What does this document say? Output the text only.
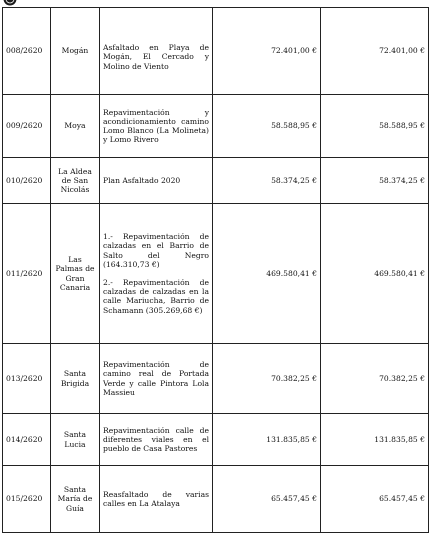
008/2620	Mogán	Asfaltado en Playa de Mogán, El Cercado y Molino de Viento	72.401,00 €	72.401,00 €
009/2620	Moya	Repavimentación y acondicionamiento camino Lomo Blanco (La Molineta) y Lomo Rivero	58.588,95 €	58.588,95 €
010/2620	La Aldea de San Nicolás	Plan Asfaltado 2020	58.374,25 €	58.374,25 €
011/2620	Las Palmas de Gran Canaria	1.- Repavimentación de calzadas en el Barrio de Salto del Negro (164.310,73 €)

2.- Repavimentación de calzadas de calzadas en la calle Mariucha, Barrio de Schamann (305.269,68 €)	469.580,41 €	469.580,41 €
013/2620	Santa Brigida	Repavimentación de camino real de Portada Verde y calle Pintora Lola Massieu	70.382,25 €	70.382,25 €
014/2620	Santa Lucia	Repavimentación calle de diferentes viales en el pueblo de Casa Pastores	131.835,85 €	131.835,85 €
015/2620	Santa María de Guía	Reasfaltado de varias calles en La Atalaya	65.457,45 €	65.457,45 €
